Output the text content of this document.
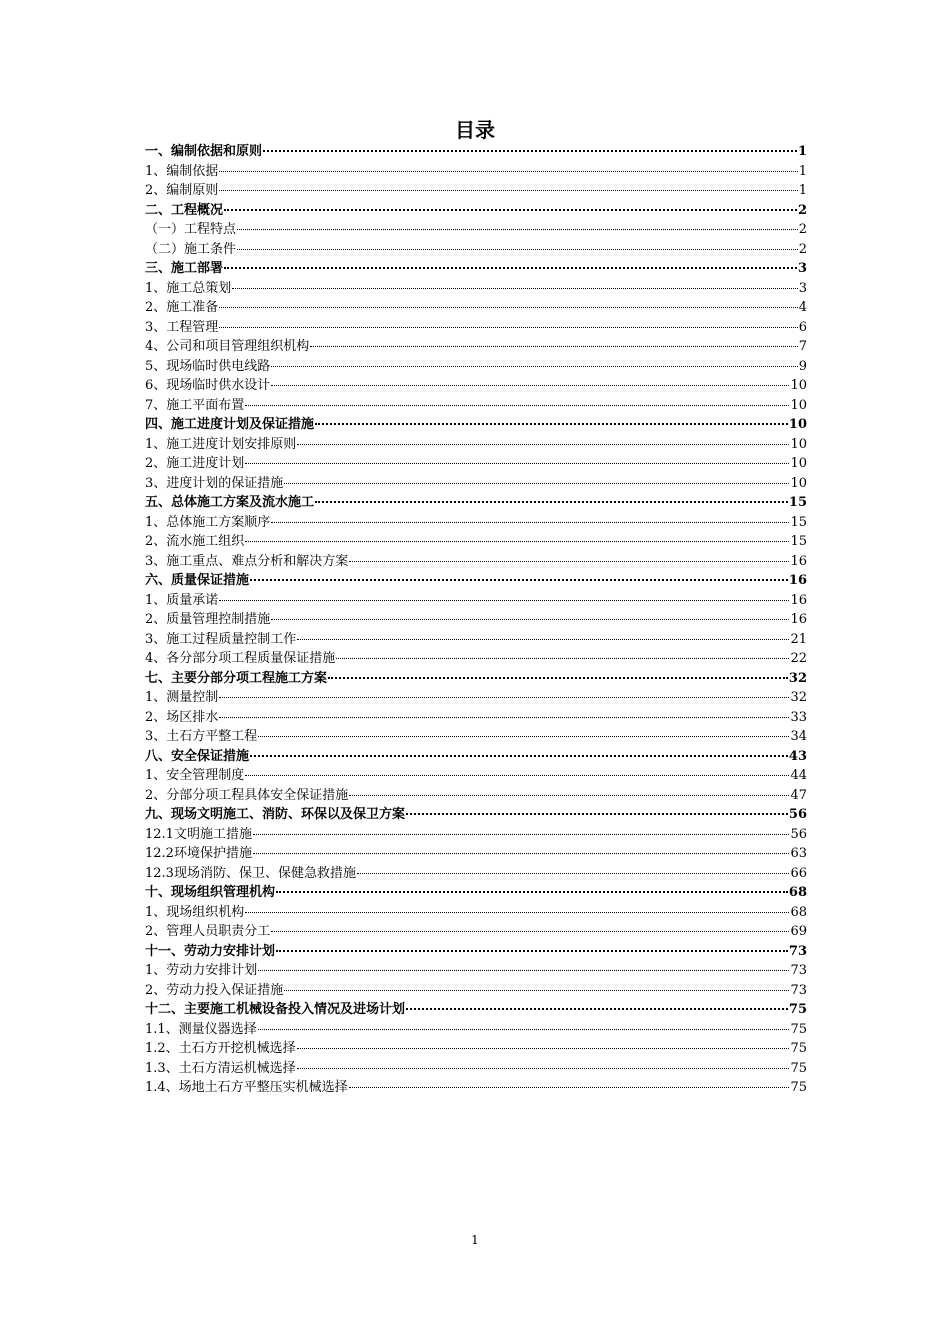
目录
一、编制依据和原则	1
1、编制依据	1
2、编制原则	1
二、工程概况	2
（一）工程特点	2
（二）施工条件	2
三、施工部署	3
1、施工总策划	3
2、施工准备	4
3、工程管理	6
4、公司和项目管理组织机构	7
5、现场临时供电线路	9
6、现场临时供水设计	10
7、施工平面布置	10
四、施工进度计划及保证措施	10
1、施工进度计划安排原则	10
2、施工进度计划	10
3、进度计划的保证措施	10
五、总体施工方案及流水施工	15
1、总体施工方案顺序	15
2、流水施工组织	15
3、施工重点、难点分析和解决方案	16
六、质量保证措施	16
1、质量承诺	16
2、质量管理控制措施	16
3、施工过程质量控制工作	21
4、各分部分项工程质量保证措施	22
七、主要分部分项工程施工方案	32
1、测量控制	32
2、场区排水	33
3、土石方平整工程	34
八、安全保证措施	43
1、安全管理制度	44
2、分部分项工程具体安全保证措施	47
九、现场文明施工、消防、环保以及保卫方案	56
12.1文明施工措施	56
12.2环境保护措施	63
12.3现场消防、保卫、保健急救措施	66
十、现场组织管理机构	68
1、现场组织机构	68
2、管理人员职责分工	69
十一、劳动力安排计划	73
1、劳动力安排计划	73
2、劳动力投入保证措施	73
十二、主要施工机械设备投入情况及进场计划	75
1.1、测量仪器选择	75
1.2、土石方开挖机械选择	75
1.3、土石方清运机械选择	75
1.4、场地土石方平整压实机械选择	75
1
